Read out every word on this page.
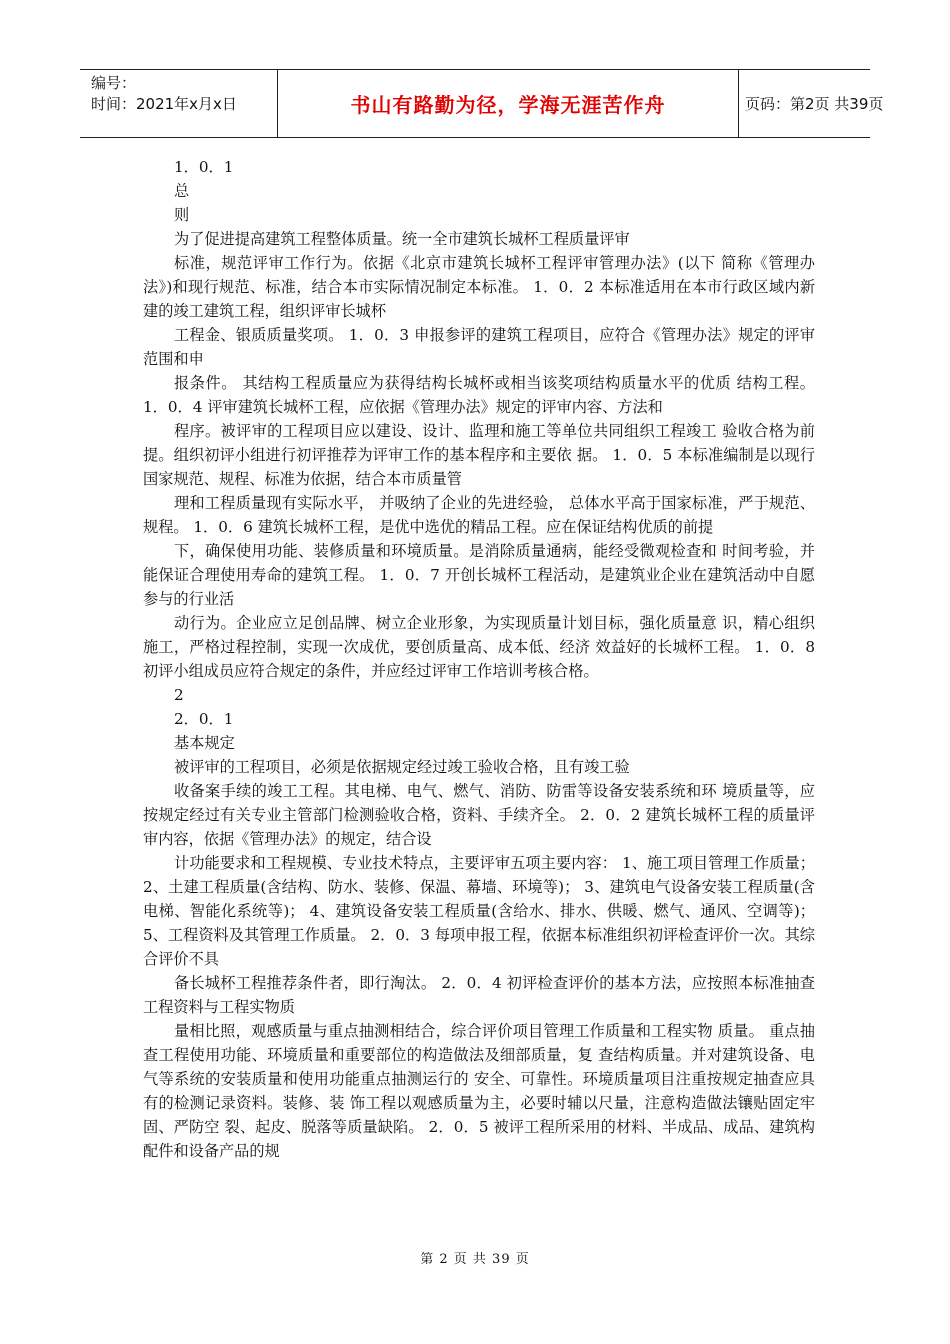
编号：
时间：2021年x月x日	书山有路勤为径，学海无涯苦作舟	页码：第2页 共39页

1．0．1

总

则

为了促进提高建筑工程整体质量。统一全市建筑长城杯工程质量评审

标准，规范评审工作行为。依据《北京市建筑长城杯工程评审管理办法》(以下 简称《管理办法》)和现行规范、标准，结合本市实际情况制定本标准。 1．0．2 本标准适用在本市行政区域内新建的竣工建筑工程，组织评审长城杯

工程金、银质质量奖项。 1．0．3 申报参评的建筑工程项目，应符合《管理办法》规定的评审范围和申

报条件。 其结构工程质量应为获得结构长城杯或相当该奖项结构质量水平的优质 结构工程。 1．0．4 评审建筑长城杯工程，应依据《管理办法》规定的评审内容、方法和

程序。被评审的工程项目应以建设、设计、监理和施工等单位共同组织工程竣工 验收合格为前提。组织初评小组进行初评推荐为评审工作的基本程序和主要依 据。 1．0．5 本标准编制是以现行国家规范、规程、标准为依据，结合本市质量管

理和工程质量现有实际水平， 并吸纳了企业的先进经验， 总体水平高于国家标准，严于规范、规程。 1．0．6 建筑长城杯工程，是优中选优的精品工程。应在保证结构优质的前提

下，确保使用功能、装修质量和环境质量。是消除质量通病，能经受微观检查和 时间考验，并能保证合理使用寿命的建筑工程。 1．0．7 开创长城杯工程活动，是建筑业企业在建筑活动中自愿参与的行业活

动行为。企业应立足创品牌、树立企业形象，为实现质量计划目标，强化质量意 识，精心组织施工，严格过程控制，实现一次成优，要创质量高、成本低、经济 效益好的长城杯工程。 1．0．8 初评小组成员应符合规定的条件，并应经过评审工作培训考核合格。

2

2．0．1

基本规定

被评审的工程项目，必须是依据规定经过竣工验收合格，且有竣工验

收备案手续的竣工工程。其电梯、电气、燃气、消防、防雷等设备安装系统和环 境质量等，应按规定经过有关专业主管部门检测验收合格，资料、手续齐全。 2．0．2 建筑长城杯工程的质量评审内容，依据《管理办法》的规定，结合设

计功能要求和工程规模、专业技术特点，主要评审五项主要内容： 1、施工项目管理工作质量； 2、土建工程质量(含结构、防水、装修、保温、幕墙、环境等)； 3、建筑电气设备安装工程质量(含电梯、智能化系统等)； 4、建筑设备安装工程质量(含给水、排水、供暖、燃气、通风、空调等)； 5、工程资料及其管理工作质量。 2．0．3 每项申报工程，依据本标准组织初评检查评价一次。其综合评价不具

备长城杯工程推荐条件者，即行淘汰。 2．0．4 初评检查评价的基本方法，应按照本标准抽查工程资料与工程实物质

量相比照，观感质量与重点抽测相结合，综合评价项目管理工作质量和工程实物 质量。 重点抽查工程使用功能、环境质量和重要部位的构造做法及细部质量，复 查结构质量。并对建筑设备、电气等系统的安装质量和使用功能重点抽测运行的 安全、可靠性。环境质量项目注重按规定抽查应具有的检测记录资料。装修、装 饰工程以观感质量为主，必要时辅以尺量，注意构造做法镶贴固定牢固、严防空 裂、起皮、脱落等质量缺陷。 2．0．5 被评工程所采用的材料、半成品、成品、建筑构配件和设备产品的规

第 2 页 共 39 页
